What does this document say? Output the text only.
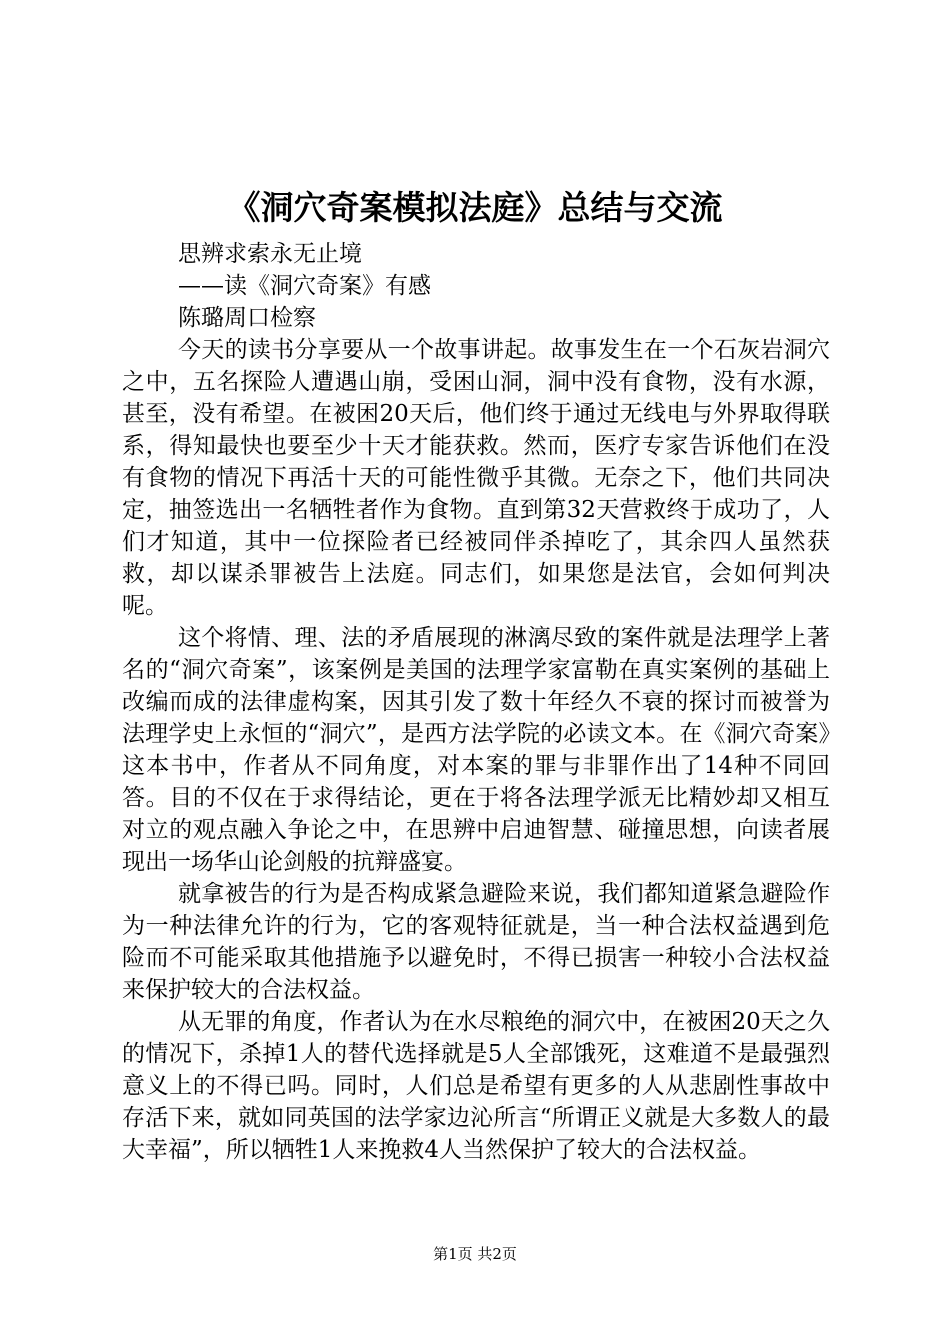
《洞穴奇案模拟法庭》总结与交流

思辨求索永无止境

——读《洞穴奇案》有感

陈璐周口检察

今天的读书分享要从一个故事讲起。故事发生在一个石灰岩洞穴之中，五名探险人遭遇山崩，受困山洞，洞中没有食物，没有水源，甚至，没有希望。在被困20天后，他们终于通过无线电与外界取得联系，得知最快也要至少十天才能获救。然而，医疗专家告诉他们在没有食物的情况下再活十天的可能性微乎其微。无奈之下，他们共同决定，抽签选出一名牺牲者作为食物。直到第32天营救终于成功了，人们才知道，其中一位探险者已经被同伴杀掉吃了，其余四人虽然获救，却以谋杀罪被告上法庭。同志们，如果您是法官，会如何判决呢。

这个将情、理、法的矛盾展现的淋漓尽致的案件就是法理学上著名的“洞穴奇案”，该案例是美国的法理学家富勒在真实案例的基础上改编而成的法律虚构案，因其引发了数十年经久不衰的探讨而被誉为法理学史上永恒的“洞穴”，是西方法学院的必读文本。在《洞穴奇案》这本书中，作者从不同角度，对本案的罪与非罪作出了14种不同回答。目的不仅在于求得结论，更在于将各法理学派无比精妙却又相互对立的观点融入争论之中，在思辨中启迪智慧、碰撞思想，向读者展现出一场华山论剑般的抗辩盛宴。

就拿被告的行为是否构成紧急避险来说，我们都知道紧急避险作为一种法律允许的行为，它的客观特征就是，当一种合法权益遇到危险而不可能采取其他措施予以避免时，不得已损害一种较小合法权益来保护较大的合法权益。

从无罪的角度，作者认为在水尽粮绝的洞穴中，在被困20天之久的情况下，杀掉1人的替代选择就是5人全部饿死，这难道不是最强烈意义上的不得已吗。同时，人们总是希望有更多的人从悲剧性事故中存活下来，就如同英国的法学家边沁所言“所谓正义就是大多数人的最大幸福”，所以牺牲1人来挽救4人当然保护了较大的合法权益。

第1页 共2页
